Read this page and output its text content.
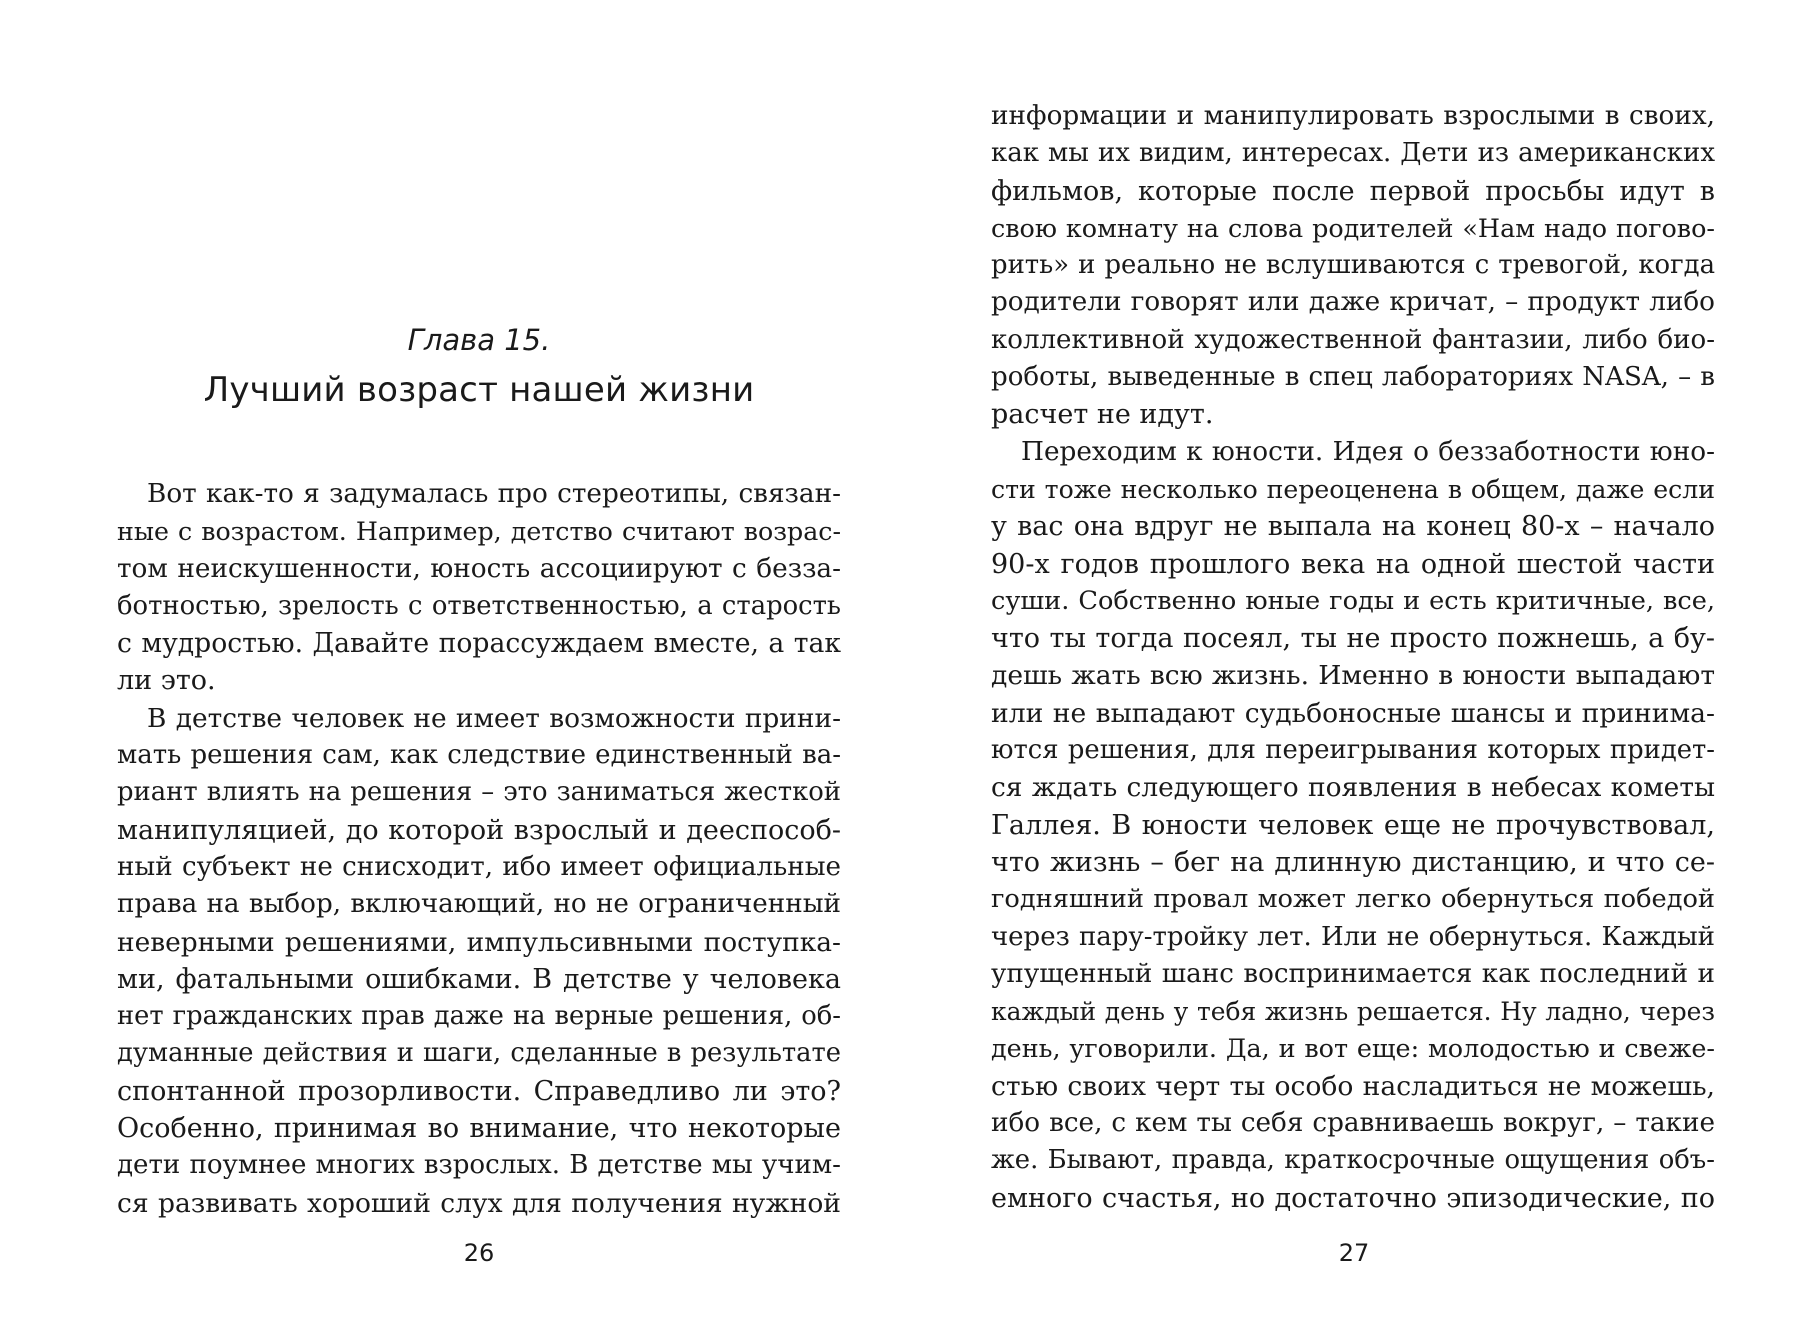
Глава 15.
Лучший возраст нашей жизни
Вот как-то я задумалась про стереотипы, связан-
ные с возрастом. Например, детство считают возрас-
том неискушенности, юность ассоциируют с безза-
ботностью, зрелость с ответственностью, а старость
с мудростью. Давайте порассуждаем вместе, а так
ли это.
В детстве человек не имеет возможности прини-
мать решения сам, как следствие единственный ва-
риант влиять на решения – это заниматься жесткой
манипуляцией, до которой взрослый и дееспособ-
ный субъект не снисходит, ибо имеет официальные
права на выбор, включающий, но не ограниченный
неверными решениями, импульсивными поступка-
ми, фатальными ошибками. В детстве у человека
нет гражданских прав даже на верные решения, об-
думанные действия и шаги, сделанные в результате
спонтанной прозорливости. Справедливо ли это?
Особенно, принимая во внимание, что некоторые
дети поумнее многих взрослых. В детстве мы учим-
ся развивать хороший слух для получения нужной
26
информации и манипулировать взрослыми в своих,
как мы их видим, интересах. Дети из американских
фильмов, которые после первой просьбы идут в
свою комнату на слова родителей «Нам надо погово-
рить» и реально не вслушиваются с тревогой, когда
родители говорят или даже кричат, – продукт либо
коллективной художественной фантазии, либо био-
роботы, выведенные в спец лабораториях NASA, – в
расчет не идут.
Переходим к юности. Идея о беззаботности юно-
сти тоже несколько переоценена в общем, даже если
у вас она вдруг не выпала на конец 80-х – начало
90-х годов прошлого века на одной шестой части
суши. Собственно юные годы и есть критичные, все,
что ты тогда посеял, ты не просто пожнешь, а бу-
дешь жать всю жизнь. Именно в юности выпадают
или не выпадают судьбоносные шансы и принима-
ются решения, для переигрывания которых придет-
ся ждать следующего появления в небесах кометы
Галлея. В юности человек еще не прочувствовал,
что жизнь – бег на длинную дистанцию, и что се-
годняшний провал может легко обернуться победой
через пару-тройку лет. Или не обернуться. Каждый
упущенный шанс воспринимается как последний и
каждый день у тебя жизнь решается. Ну ладно, через
день, уговорили. Да, и вот еще: молодостью и свеже-
стью своих черт ты особо насладиться не можешь,
ибо все, с кем ты себя сравниваешь вокруг, – такие
же. Бывают, правда, краткосрочные ощущения объ-
емного счастья, но достаточно эпизодические, по
27
